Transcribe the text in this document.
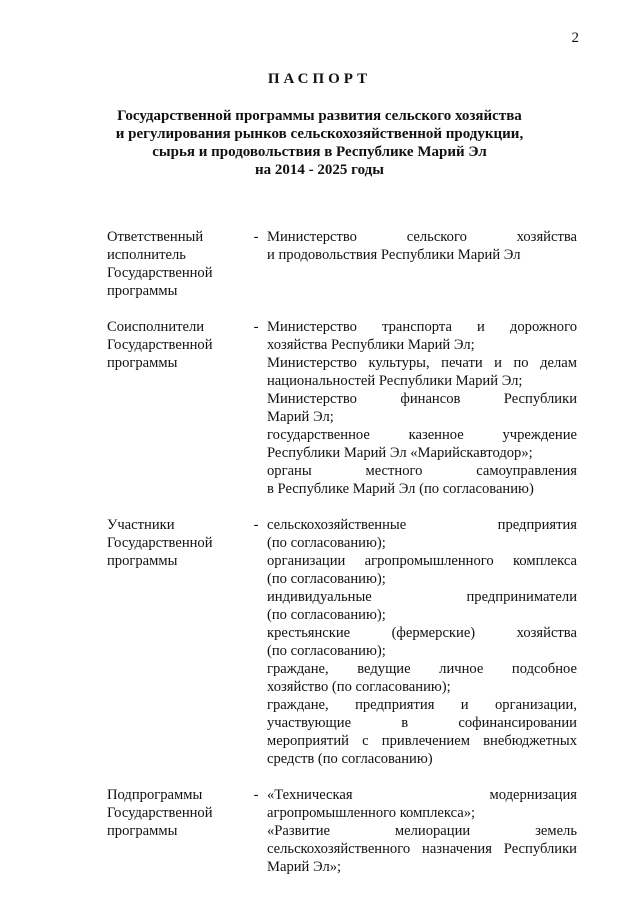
2
ПАСПОРТ
Государственной программы развития сельского хозяйства
и регулирования рынков сельскохозяйственной продукции,
сырья и продовольствия в Республике Марий Эл
на 2014 - 2025 годы
Ответственный
исполнитель
Государственной
программы
- Министерство сельского хозяйства
и продовольствия Республики Марий Эл
Соисполнители
Государственной
программы
- Министерство транспорта и дорожного
хозяйства Республики Марий Эл;
Министерство культуры, печати и по делам
национальностей Республики Марий Эл;
Министерство финансов Республики
Марий Эл;
государственное казенное учреждение
Республики Марий Эл «Марийскавтодор»;
органы местного самоуправления
в Республике Марий Эл (по согласованию)
Участники
Государственной
программы
- сельскохозяйственные предприятия
(по согласованию);
организации агропромышленного комплекса
(по согласованию);
индивидуальные предприниматели
(по согласованию);
крестьянские (фермерские) хозяйства
(по согласованию);
граждане, ведущие личное подсобное
хозяйство (по согласованию);
граждане, предприятия и организации,
участвующие в софинансировании
мероприятий с привлечением внебюджетных
средств (по согласованию)
Подпрограммы
Государственной
программы
- «Техническая модернизация
агропромышленного комплекса»;
«Развитие мелиорации земель
сельскохозяйственного назначения Республики
Марий Эл»;
